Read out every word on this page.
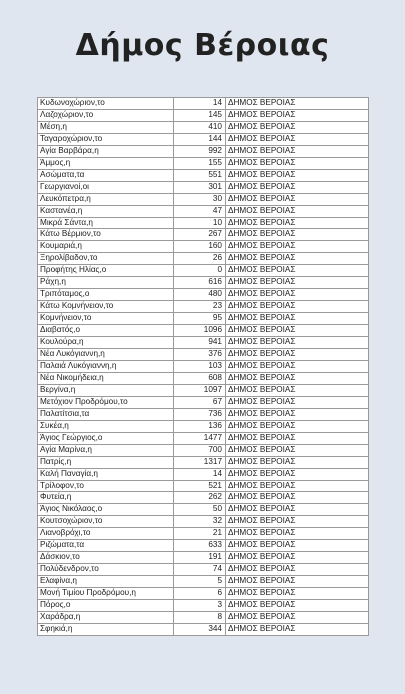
Δήμος Βέροιας
Κυδωνοχώριον,το	14	ΔΗΜΟΣ ΒΕΡΟΙΑΣ
Λαζοχώριον,το	145	ΔΗΜΟΣ ΒΕΡΟΙΑΣ
Μέση,η	410	ΔΗΜΟΣ ΒΕΡΟΙΑΣ
Ταγαροχώριον,το	144	ΔΗΜΟΣ ΒΕΡΟΙΑΣ
Αγία Βαρβάρα,η	992	ΔΗΜΟΣ ΒΕΡΟΙΑΣ
Άμμος,η	155	ΔΗΜΟΣ ΒΕΡΟΙΑΣ
Ασώματα,τα	551	ΔΗΜΟΣ ΒΕΡΟΙΑΣ
Γεωργιανοί,οι	301	ΔΗΜΟΣ ΒΕΡΟΙΑΣ
Λευκόπετρα,η	30	ΔΗΜΟΣ ΒΕΡΟΙΑΣ
Καστανέα,η	47	ΔΗΜΟΣ ΒΕΡΟΙΑΣ
Μικρά Σάντα,η	10	ΔΗΜΟΣ ΒΕΡΟΙΑΣ
Κάτω Βέρμιον,το	267	ΔΗΜΟΣ ΒΕΡΟΙΑΣ
Κουμαριά,η	160	ΔΗΜΟΣ ΒΕΡΟΙΑΣ
Ξηρολίβαδον,το	26	ΔΗΜΟΣ ΒΕΡΟΙΑΣ
Προφήτης Ηλίας,ο	0	ΔΗΜΟΣ ΒΕΡΟΙΑΣ
Ράχη,η	616	ΔΗΜΟΣ ΒΕΡΟΙΑΣ
Τριπόταμος,ο	480	ΔΗΜΟΣ ΒΕΡΟΙΑΣ
Κάτω Κομνήνειον,το	23	ΔΗΜΟΣ ΒΕΡΟΙΑΣ
Κομνήνειον,το	95	ΔΗΜΟΣ ΒΕΡΟΙΑΣ
Διαβατός,ο	1096	ΔΗΜΟΣ ΒΕΡΟΙΑΣ
Κουλούρα,η	941	ΔΗΜΟΣ ΒΕΡΟΙΑΣ
Νέα Λυκόγιαννη,η	376	ΔΗΜΟΣ ΒΕΡΟΙΑΣ
Παλαιά Λυκόγιαννη,η	103	ΔΗΜΟΣ ΒΕΡΟΙΑΣ
Νέα Νικομήδεια,η	608	ΔΗΜΟΣ ΒΕΡΟΙΑΣ
Βεργίνα,η	1097	ΔΗΜΟΣ ΒΕΡΟΙΑΣ
Μετόχιον Προδρόμου,το	67	ΔΗΜΟΣ ΒΕΡΟΙΑΣ
Παλατίτσια,τα	736	ΔΗΜΟΣ ΒΕΡΟΙΑΣ
Συκέα,η	136	ΔΗΜΟΣ ΒΕΡΟΙΑΣ
Άγιος Γεώργιος,ο	1477	ΔΗΜΟΣ ΒΕΡΟΙΑΣ
Αγία Μαρίνα,η	700	ΔΗΜΟΣ ΒΕΡΟΙΑΣ
Πατρίς,η	1317	ΔΗΜΟΣ ΒΕΡΟΙΑΣ
Καλή Παναγία,η	14	ΔΗΜΟΣ ΒΕΡΟΙΑΣ
Τρίλοφον,το	521	ΔΗΜΟΣ ΒΕΡΟΙΑΣ
Φυτεία,η	262	ΔΗΜΟΣ ΒΕΡΟΙΑΣ
Άγιος Νικόλαος,ο	50	ΔΗΜΟΣ ΒΕΡΟΙΑΣ
Κουτσοχώριον,το	32	ΔΗΜΟΣ ΒΕΡΟΙΑΣ
Λιανοβρόχι,το	21	ΔΗΜΟΣ ΒΕΡΟΙΑΣ
Ριζώματα,τα	633	ΔΗΜΟΣ ΒΕΡΟΙΑΣ
Δάσκιον,το	191	ΔΗΜΟΣ ΒΕΡΟΙΑΣ
Πολύδενδρον,το	74	ΔΗΜΟΣ ΒΕΡΟΙΑΣ
Ελαφίνα,η	5	ΔΗΜΟΣ ΒΕΡΟΙΑΣ
Μονή Τιμίου Προδρόμου,η	6	ΔΗΜΟΣ ΒΕΡΟΙΑΣ
Πόρος,ο	3	ΔΗΜΟΣ ΒΕΡΟΙΑΣ
Χαράδρα,η	8	ΔΗΜΟΣ ΒΕΡΟΙΑΣ
Σφηκιά,η	344	ΔΗΜΟΣ ΒΕΡΟΙΑΣ
